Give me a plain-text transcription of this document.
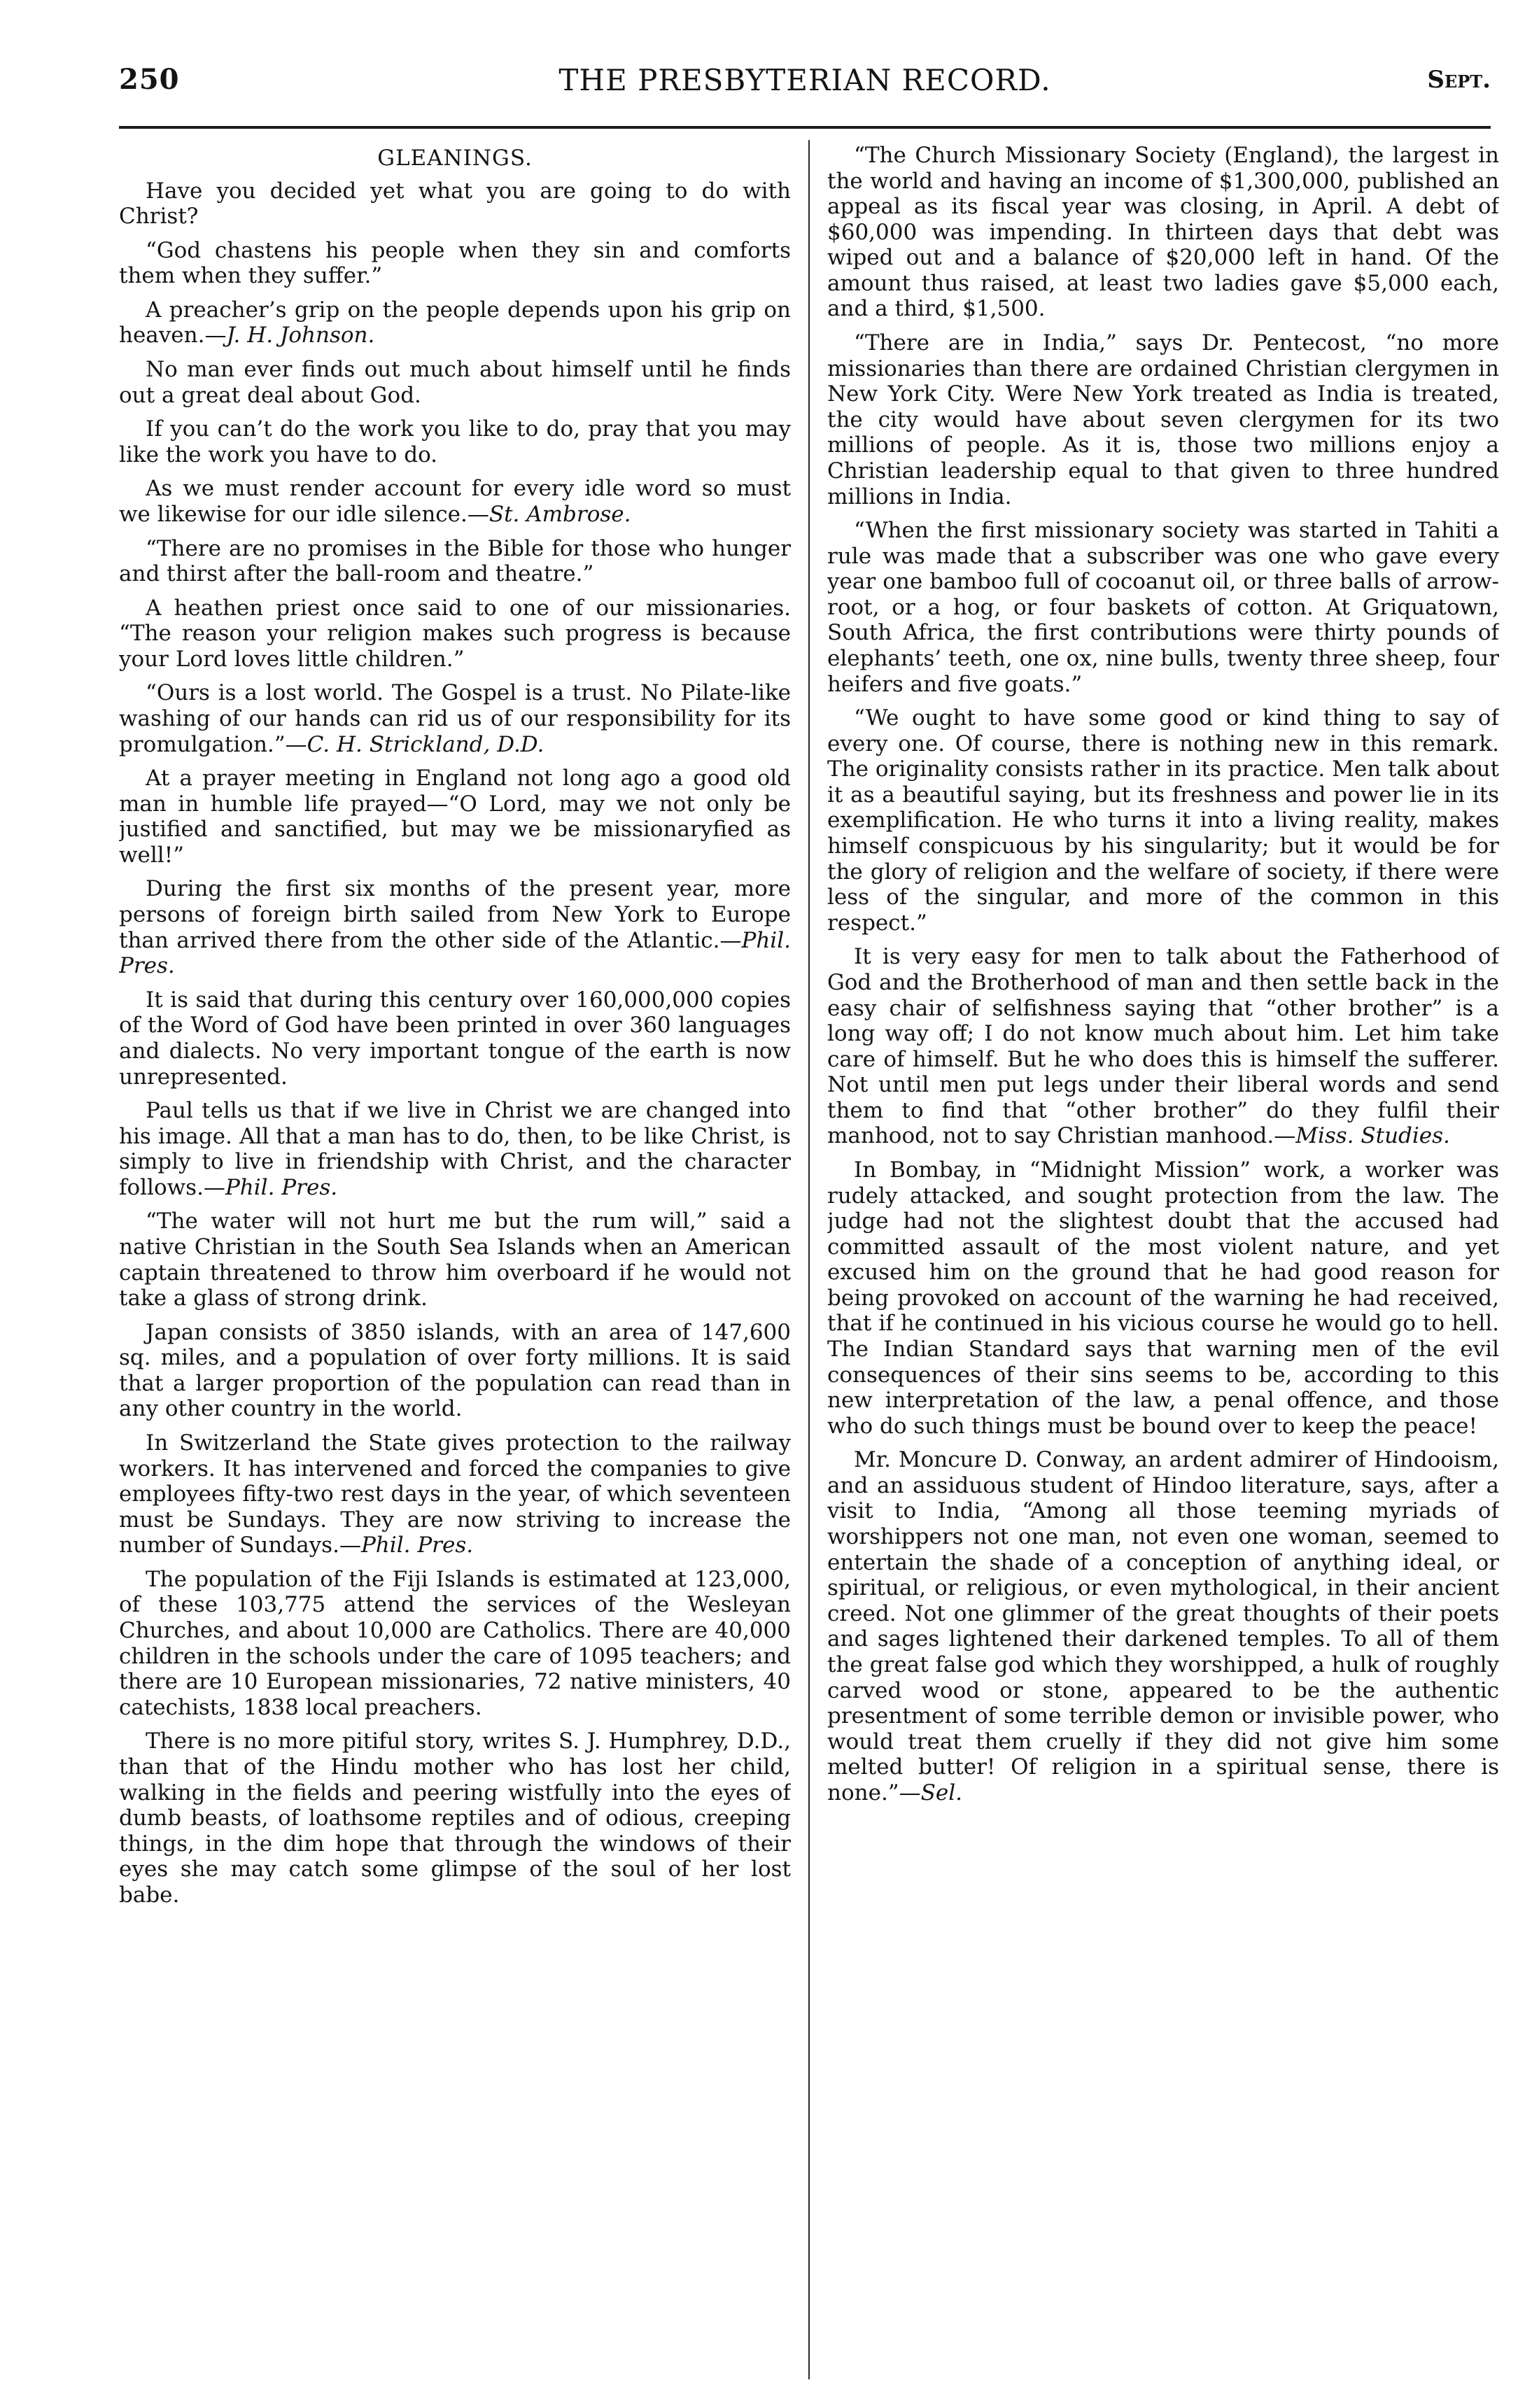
250	THE PRESBYTERIAN RECORD.	Sept.
GLEANINGS.

Have you decided yet what you are going to do with Christ?

“God chastens his people when they sin and comforts them when they suffer.”

A preacher’s grip on the people depends upon his grip on heaven.—J. H. Johnson.

No man ever finds out much about himself until he finds out a great deal about God.

If you can’t do the work you like to do, pray that you may like the work you have to do.

As we must render account for every idle word so must we likewise for our idle silence.—St. Ambrose.

“There are no promises in the Bible for those who hunger and thirst after the ball-room and theatre.”

A heathen priest once said to one of our missionaries. “The reason your religion makes such progress is because your Lord loves little children.”

“Ours is a lost world. The Gospel is a trust. No Pilate-like washing of our hands can rid us of our responsibility for its promulgation.”—C. H. Strickland, D.D.

At a prayer meeting in England not long ago a good old man in humble life prayed—“O Lord, may we not only be justified and sanctified, but may we be missionaryfied as well!”

During the first six months of the present year, more persons of foreign birth sailed from New York to Europe than arrived there from the other side of the Atlantic.—Phil. Pres.

It is said that during this century over 160,000,000 copies of the Word of God have been printed in over 360 languages and dialects. No very important tongue of the earth is now unrepresented.

Paul tells us that if we live in Christ we are changed into his image. All that a man has to do, then, to be like Christ, is simply to live in friendship with Christ, and the character follows.—Phil. Pres.

“The water will not hurt me but the rum will,” said a native Christian in the South Sea Islands when an American captain threatened to throw him overboard if he would not take a glass of strong drink.

Japan consists of 3850 islands, with an area of 147,600 sq. miles, and a population of over forty millions. It is said that a larger proportion of the population can read than in any other country in the world.

In Switzerland the State gives protection to the railway workers. It has intervened and forced the companies to give employees fifty-two rest days in the year, of which seventeen must be Sundays. They are now striving to increase the number of Sundays.—Phil. Pres.

The population of the Fiji Islands is estimated at 123,000, of these 103,775 attend the services of the Wesleyan Churches, and about 10,000 are Catholics. There are 40,000 children in the schools under the care of 1095 teachers; and there are 10 European missionaries, 72 native ministers, 40 catechists, 1838 local preachers.

There is no more pitiful story, writes S. J. Humphrey, D.D., than that of the Hindu mother who has lost her child, walking in the fields and peering wistfully into the eyes of dumb beasts, of loathsome reptiles and of odious, creeping things, in the dim hope that through the windows of their eyes she may catch some glimpse of the soul of her lost babe.

“The Church Missionary Society (England), the largest in the world and having an income of $1,300,000, published an appeal as its fiscal year was closing, in April. A debt of $60,000 was impending. In thirteen days that debt was wiped out and a balance of $20,000 left in hand. Of the amount thus raised, at least two ladies gave $5,000 each, and a third, $1,500.

“There are in India,” says Dr. Pentecost, “no more missionaries than there are ordained Christian clergymen in New York City. Were New York treated as India is treated, the city would have about seven clergymen for its two millions of people. As it is, those two millions enjoy a Christian leadership equal to that given to three hundred millions in India.

“When the first missionary society was started in Tahiti a rule was made that a subscriber was one who gave every year one bamboo full of cocoanut oil, or three balls of arrow-root, or a hog, or four baskets of cotton. At Griquatown, South Africa, the first contributions were thirty pounds of elephants’ teeth, one ox, nine bulls, twenty three sheep, four heifers and five goats.”

“We ought to have some good or kind thing to say of every one. Of course, there is nothing new in this remark. The originality consists rather in its practice. Men talk about it as a beautiful saying, but its freshness and power lie in its exemplification. He who turns it into a living reality, makes himself conspicuous by his singularity; but it would be for the glory of religion and the welfare of society, if there were less of the singular, and more of the common in this respect.”

It is very easy for men to talk about the Fatherhood of God and the Brotherhood of man and then settle back in the easy chair of selfishness saying that “other brother” is a long way off; I do not know much about him. Let him take care of himself. But he who does this is himself the sufferer. Not until men put legs under their liberal words and send them to find that “other brother” do they fulfil their manhood, not to say Christian manhood.—Miss. Studies.

In Bombay, in “Midnight Mission” work, a worker was rudely attacked, and sought protection from the law. The judge had not the slightest doubt that the accused had committed assault of the most violent nature, and yet excused him on the ground that he had good reason for being provoked on account of the warning he had received, that if he continued in his vicious course he would go to hell. The Indian Standard says that warning men of the evil consequences of their sins seems to be, according to this new interpretation of the law, a penal offence, and those who do such things must be bound over to keep the peace!

Mr. Moncure D. Conway, an ardent admirer of Hindooism, and an assiduous student of Hindoo literature, says, after a visit to India, “Among all those teeming myriads of worshippers not one man, not even one woman, seemed to entertain the shade of a conception of anything ideal, or spiritual, or religious, or even mythological, in their ancient creed. Not one glimmer of the great thoughts of their poets and sages lightened their darkened temples. To all of them the great false god which they worshipped, a hulk of roughly carved wood or stone, appeared to be the authentic presentment of some terrible demon or invisible power, who would treat them cruelly if they did not give him some melted butter! Of religion in a spiritual sense, there is none.”—Sel.
